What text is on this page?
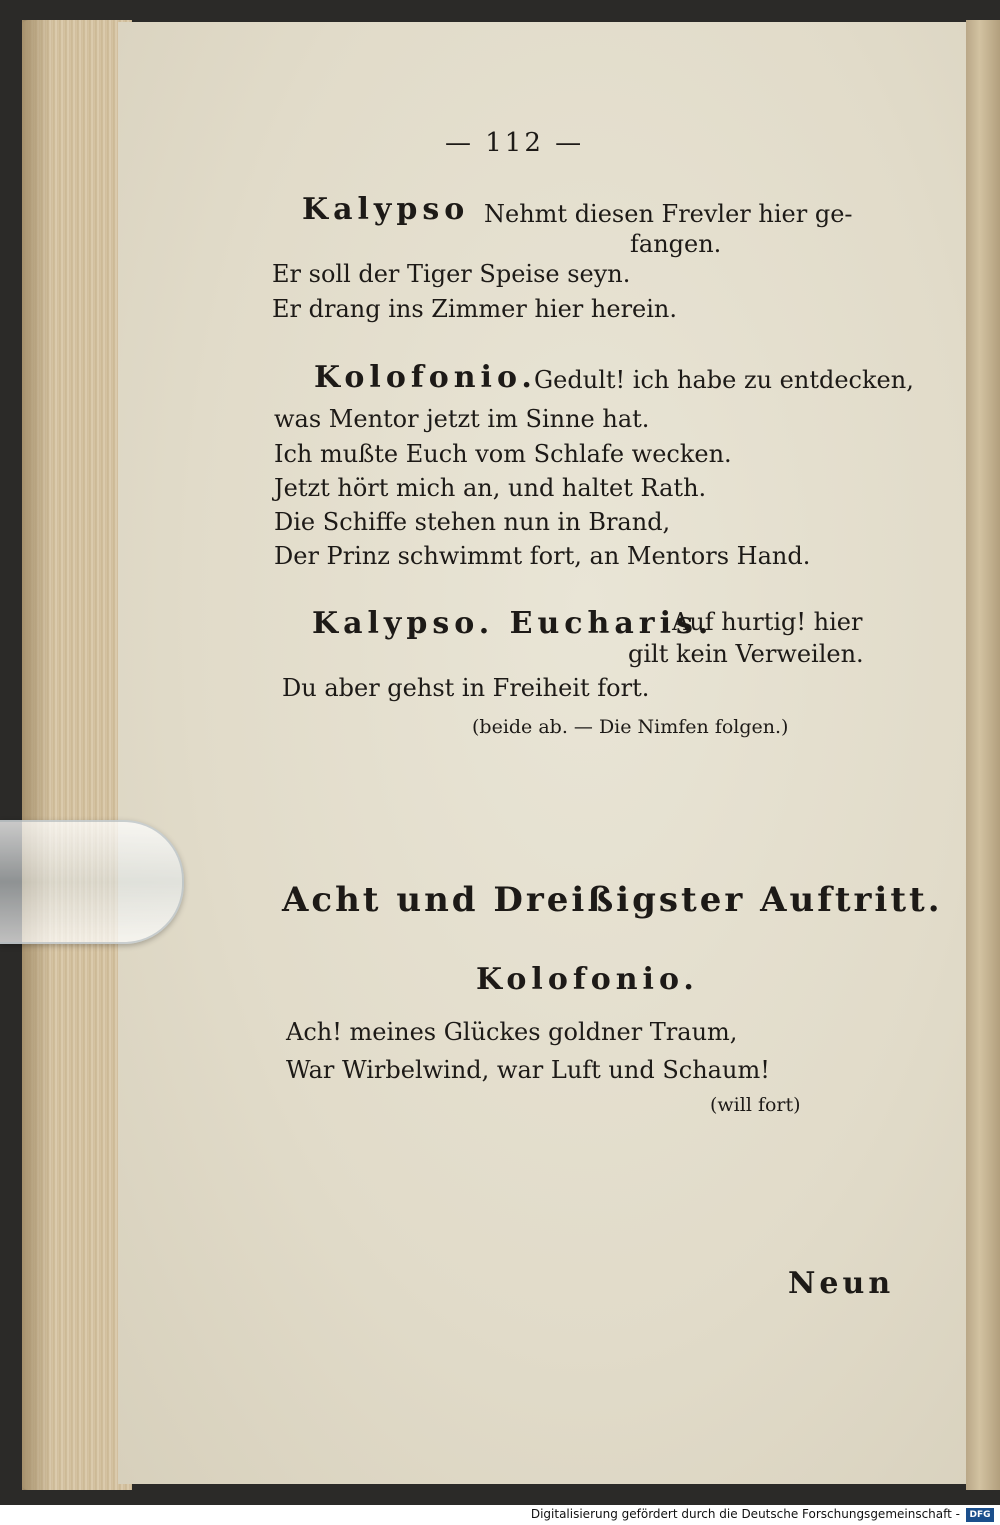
— 112 —
Kalypso Nehmt diesen Frevler hier ge-
fangen.
Er soll der Tiger Speise seyn.
Er drang ins Zimmer hier herein.
Kolofonio.
Gedult! ich habe zu entdecken,
was Mentor jetzt im Sinne hat.
Ich mußte Euch vom Schlafe wecken.
Jetzt hört mich an, und haltet Rath.
Die Schiffe stehen nun in Brand,
Der Prinz schwimmt fort, an Mentors Hand.
Kalypso. Eucharis.
Auf hurtig! hier
gilt kein Verweilen.
Du aber gehst in Freiheit fort.
(beide ab. — Die Nimfen folgen.)
Acht und Dreißigster Auftritt.
Kolofonio.
Ach! meines Glückes goldner Traum,
War Wirbelwind, war Luft und Schaum!
(will fort)
Neun
Digitalisierung gefördert durch die Deutsche Forschungsgemeinschaft -	DFG
